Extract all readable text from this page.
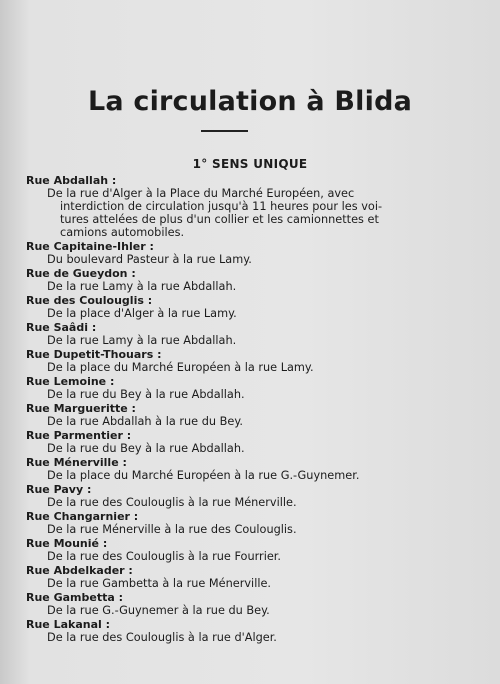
La circulation à Blida
1° SENS UNIQUE
Rue Abdallah :
De la rue d'Alger à la Place du Marché Européen, avec
interdiction de circulation jusqu'à 11 heures pour les voi-
tures attelées de plus d'un collier et les camionnettes et
camions automobiles.
Rue Capitaine-Ihler :
Du boulevard Pasteur à la rue Lamy.
Rue de Gueydon :
De la rue Lamy à la rue Abdallah.
Rue des Coulouglis :
De la place d'Alger à la rue Lamy.
Rue Saâdi :
De la rue Lamy à la rue Abdallah.
Rue Dupetit-Thouars :
De la place du Marché Européen à la rue Lamy.
Rue Lemoine :
De la rue du Bey à la rue Abdallah.
Rue Margueritte :
De la rue Abdallah à la rue du Bey.
Rue Parmentier :
De la rue du Bey à la rue Abdallah.
Rue Ménerville :
De la place du Marché Européen à la rue G.-Guynemer.
Rue Pavy :
De la rue des Coulouglis à la rue Ménerville.
Rue Changarnier :
De la rue Ménerville à la rue des Coulouglis.
Rue Mounié :
De la rue des Coulouglis à la rue Fourrier.
Rue Abdelkader :
De la rue Gambetta à la rue Ménerville.
Rue Gambetta :
De la rue G.-Guynemer à la rue du Bey.
Rue Lakanal :
De la rue des Coulouglis à la rue d'Alger.
